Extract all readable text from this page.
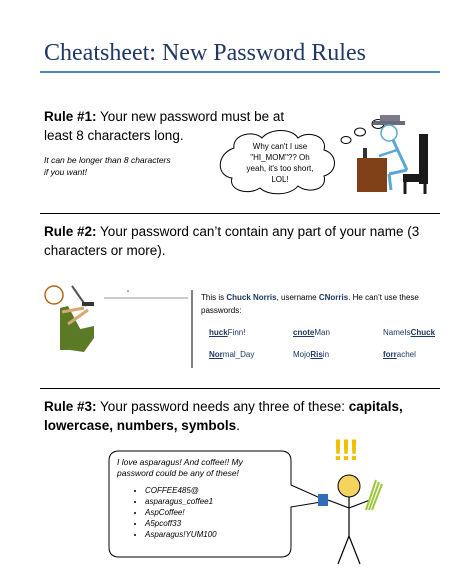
Cheatsheet: New Password Rules
Rule #1: Your new password must be at least 8 characters long.
It can be longer than 8 characters
if you want!
Why can't I use
"HI_MOM"?? Oh
yeah, it's too short,
LOL!
Rule #2: Your password can’t contain any part of your name (3 characters or more).
This is Chuck Norris, username CNorris. He can’t use these
passwords:
huckFinn!	cnoteMan	NameIsChuck
Normal_Day	MojoRisin	forrachel
Rule #3: Your password needs any three of these: capitals, lowercase, numbers, symbols.
I love asparagus! And coffee!! My
password could be any of these!
• COFFEE485@
• asparagus_coffee1
• AspCoffee!
• A5pcoff33
• Asparagus!YUM100
!!!
